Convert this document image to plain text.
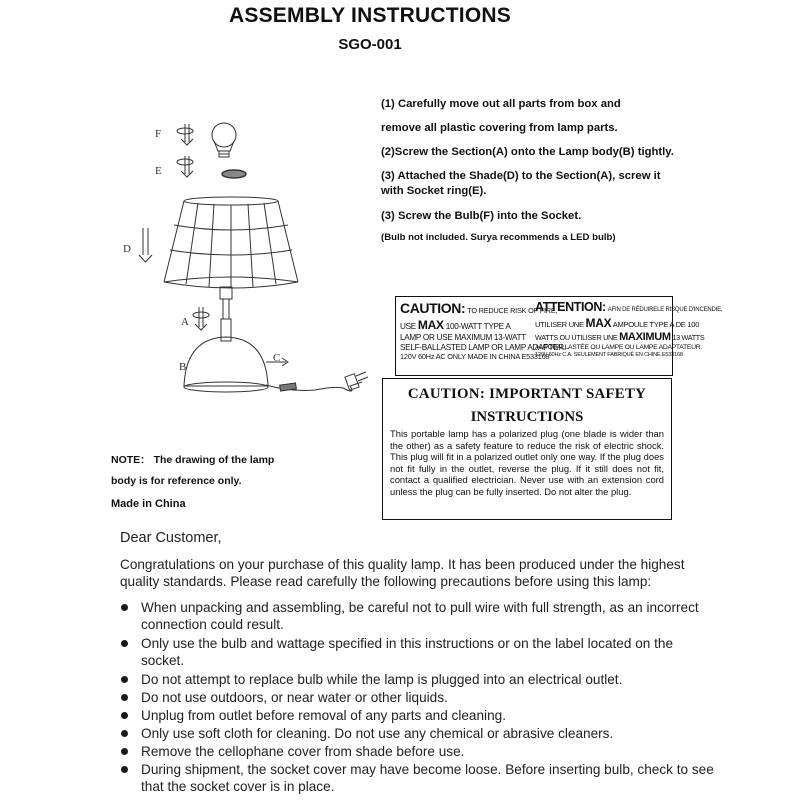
ASSEMBLY INSTRUCTIONS
SGO-001
F
E
D
A
B
C
(1) Carefully move out all parts from box and
remove all plastic covering from lamp parts.
(2)Screw the Section(A) onto the Lamp body(B) tightly.
(3) Attached the Shade(D) to the Section(A), screw it
with Socket ring(E).
(3) Screw the Bulb(F) into the Socket.
(Bulb not included. Surya recommends a LED bulb)
CAUTION: TO REDUCE RISK OF FIRE,
USE MAX 100-WATT TYPE A
LAMP OR USE MAXIMUM 13-WATT
SELF-BALLASTED LAMP OR LAMP ADAPTER.
120V 60Hz AC ONLY MADE IN CHINA E533168
ATTENTION: AFIN DE RÉDUIRELE RISQUE D'INCENDIE,
UTILISER UNE MAX AMPOULE TYPE A DE 100
WATTS OU UTILISER UNE MAXIMUM 13 WATTS
AUTOBALLASTÉE OU LAMPE OU LAMPE ADAPTATEUR.
120V 60Hz C.A. SEULEMENT FABRIQUÉ EN CHINE E533168
CAUTION: IMPORTANT SAFETY
INSTRUCTIONS
This portable lamp has a polarized plug (one blade is wider than the other) as a safety feature to reduce the risk of electric shock. This plug will fit in a polarized outlet only one way. If the plug does not fit fully in the outlet, reverse the plug. If it still does not fit, contact a qualified electrician. Never use with an extension cord unless the plug can be fully inserted. Do not alter the plug.
NOTE： The drawing of the lamp
body is for reference only.
Made in China
Dear Customer,
Congratulations on your purchase of this quality lamp. It has been produced under the highest
quality standards. Please read carefully the following precautions before using this lamp:
When unpacking and assembling, be careful not to pull wire with full strength, as an incorrect
connection could result.
Only use the bulb and wattage specified in this instructions or on the label located on the
socket.
Do not attempt to replace bulb while the lamp is plugged into an electrical outlet.
Do not use outdoors, or near water or other liquids.
Unplug from outlet before removal of any parts and cleaning.
Only use soft cloth for cleaning. Do not use any chemical or abrasive cleaners.
Remove the cellophane cover from shade before use.
During shipment, the socket cover may have become loose. Before inserting bulb, check to see
that the socket cover is in place.
